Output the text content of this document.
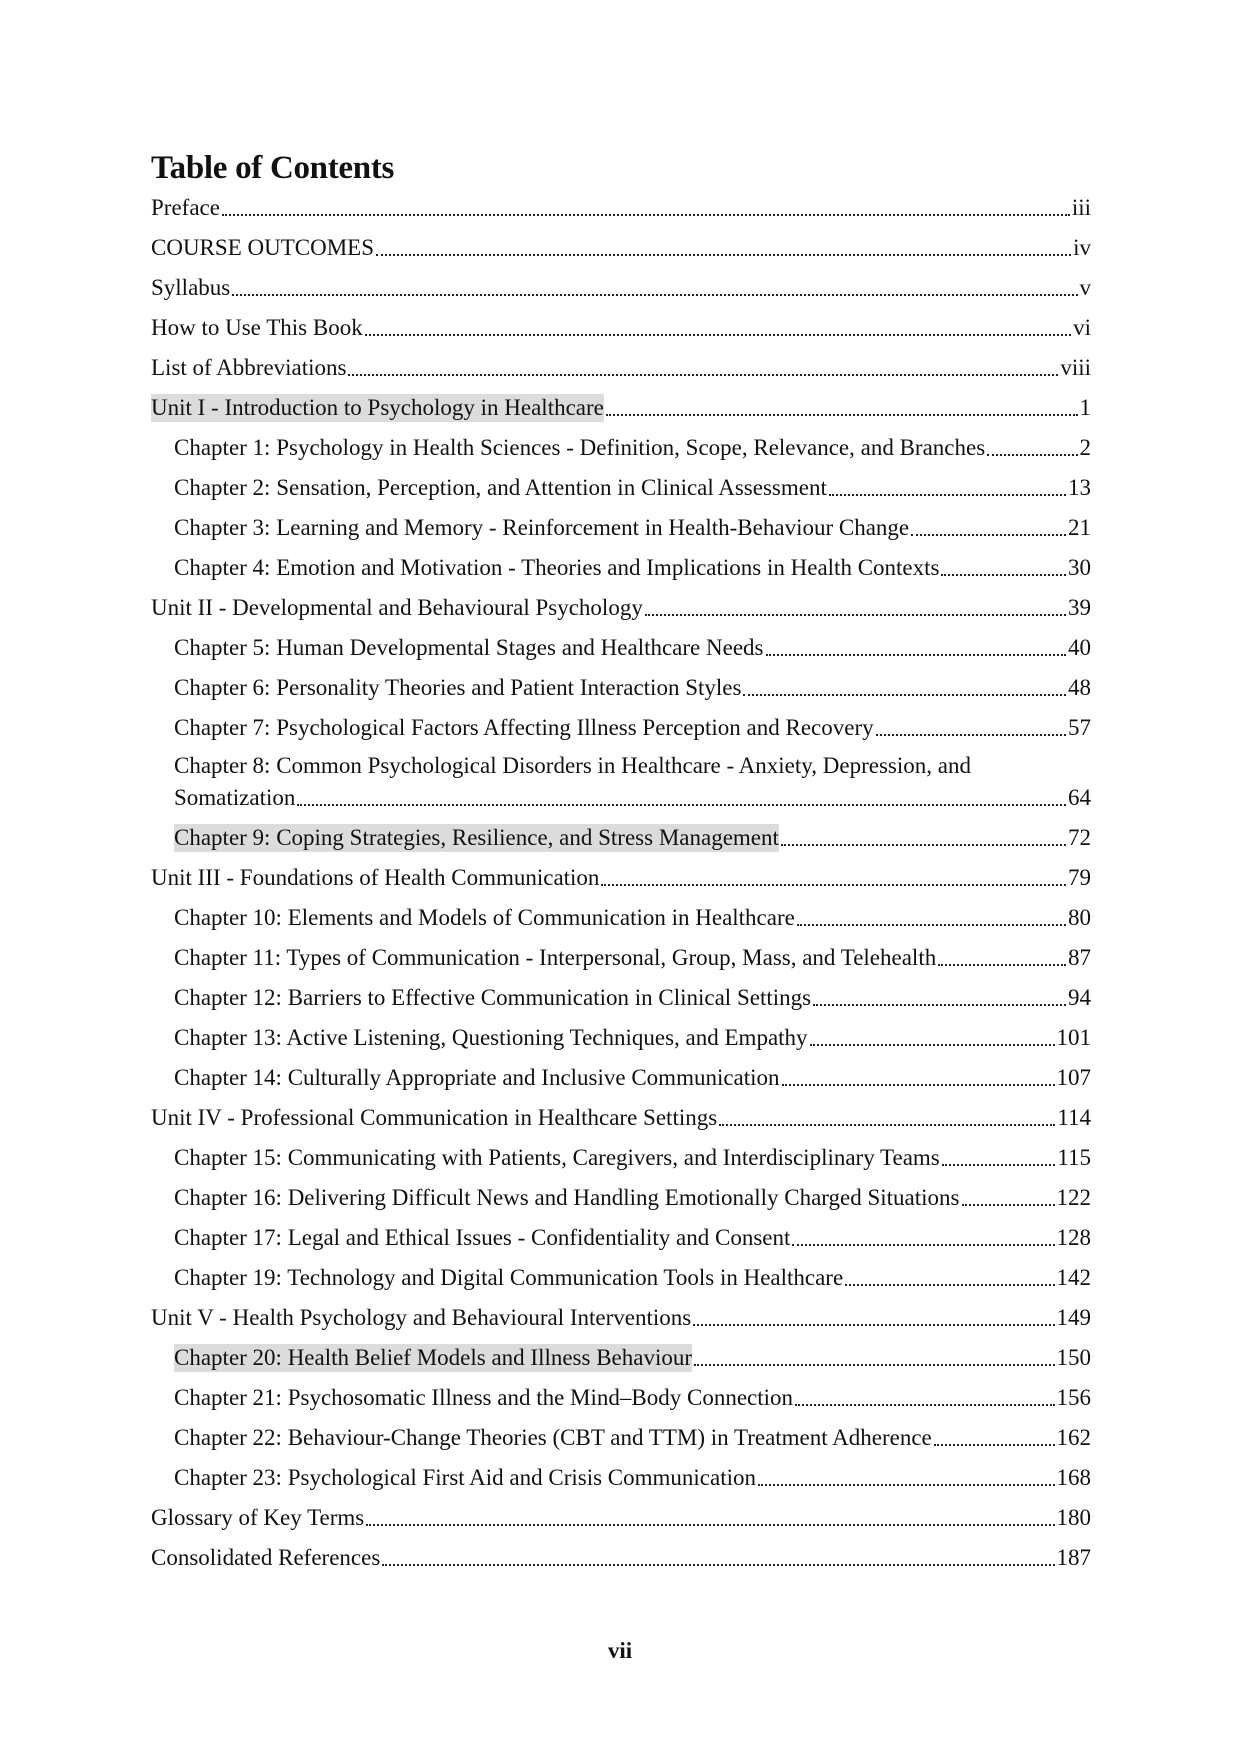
Table of Contents
Preface	iii
COURSE OUTCOMES	iv
Syllabus	v
How to Use This Book	vi
List of Abbreviations	viii
Unit I - Introduction to Psychology in Healthcare	1
Chapter 1: Psychology in Health Sciences - Definition, Scope, Relevance, and Branches	2
Chapter 2: Sensation, Perception, and Attention in Clinical Assessment	13
Chapter 3: Learning and Memory - Reinforcement in Health-Behaviour Change	21
Chapter 4: Emotion and Motivation - Theories and Implications in Health Contexts	30
Unit II - Developmental and Behavioural Psychology	39
Chapter 5: Human Developmental Stages and Healthcare Needs	40
Chapter 6: Personality Theories and Patient Interaction Styles	48
Chapter 7: Psychological Factors Affecting Illness Perception and Recovery	57
Chapter 8: Common Psychological Disorders in Healthcare - Anxiety, Depression, and
Somatization	64
Chapter 9: Coping Strategies, Resilience, and Stress Management	72
Unit III - Foundations of Health Communication	79
Chapter 10: Elements and Models of Communication in Healthcare	80
Chapter 11: Types of Communication - Interpersonal, Group, Mass, and Telehealth	87
Chapter 12: Barriers to Effective Communication in Clinical Settings	94
Chapter 13: Active Listening, Questioning Techniques, and Empathy	101
Chapter 14: Culturally Appropriate and Inclusive Communication	107
Unit IV - Professional Communication in Healthcare Settings	114
Chapter 15: Communicating with Patients, Caregivers, and Interdisciplinary Teams	115
Chapter 16: Delivering Difficult News and Handling Emotionally Charged Situations	122
Chapter 17: Legal and Ethical Issues - Confidentiality and Consent	128
Chapter 19: Technology and Digital Communication Tools in Healthcare	142
Unit V - Health Psychology and Behavioural Interventions	149
Chapter 20: Health Belief Models and Illness Behaviour	150
Chapter 21: Psychosomatic Illness and the Mind–Body Connection	156
Chapter 22: Behaviour-Change Theories (CBT and TTM) in Treatment Adherence	162
Chapter 23: Psychological First Aid and Crisis Communication	168
Glossary of Key Terms	180
Consolidated References	187

vii
